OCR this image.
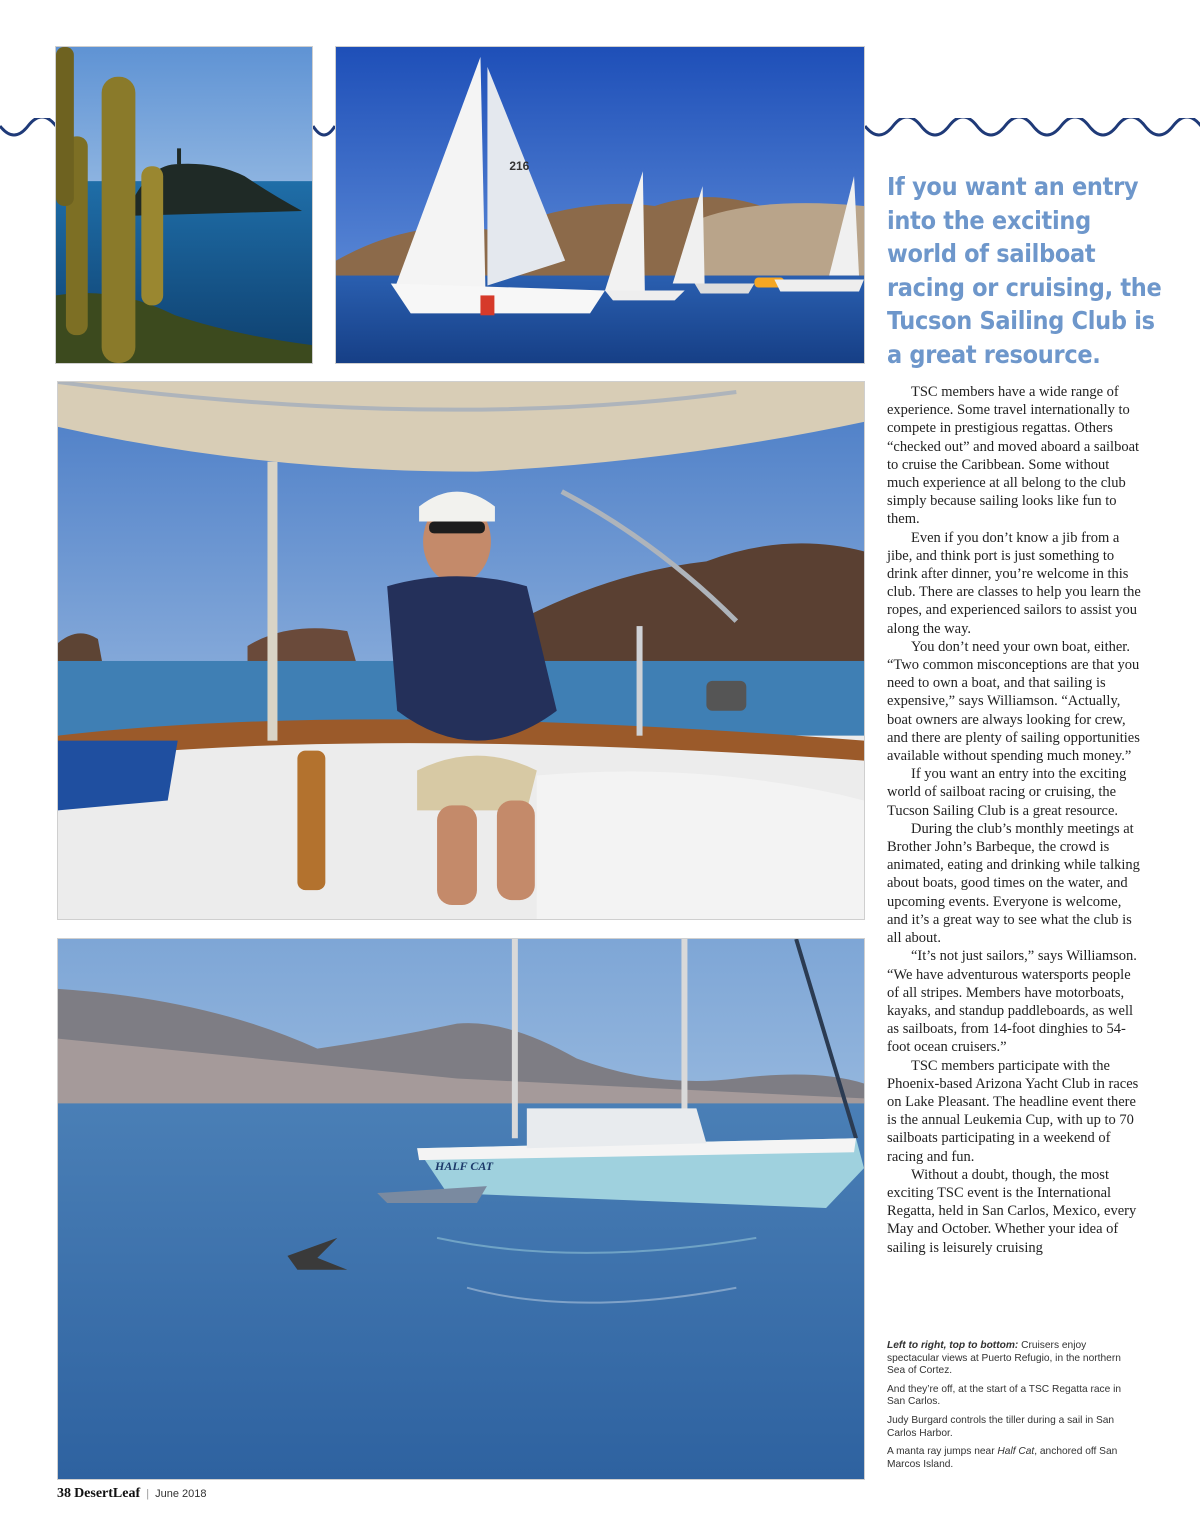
216
HALF CAT
If you want an entry into the exciting world of sailboat racing or cruising, the Tucson Sailing Club is a great resource.

TSC members have a wide range of experience. Some travel internationally to compete in prestigious regattas. Others “checked out” and moved aboard a sailboat to cruise the Caribbean. Some without much experience at all belong to the club simply because sailing looks like fun to them.

Even if you don’t know a jib from a jibe, and think port is just something to drink after dinner, you’re welcome in this club. There are classes to help you learn the ropes, and experienced sailors to assist you along the way.

You don’t need your own boat, either. “Two common misconceptions are that you need to own a boat, and that sailing is expensive,” says Williamson. “Actually, boat owners are always looking for crew, and there are plenty of sailing opportunities available without spending much money.”

If you want an entry into the exciting world of sailboat racing or cruising, the Tucson Sailing Club is a great resource.

During the club’s monthly meetings at Brother John’s Barbeque, the crowd is animated, eating and drinking while talking about boats, good times on the water, and upcoming events. Everyone is welcome, and it’s a great way to see what the club is all about.

“It’s not just sailors,” says Williamson. “We have adventurous watersports people of all stripes. Members have motorboats, kayaks, and standup paddleboards, as well as sailboats, from 14-foot dinghies to 54-foot ocean cruisers.”

TSC members participate with the Phoenix-based Arizona Yacht Club in races on Lake Pleasant. The headline event there is the annual Leukemia Cup, with up to 70 sailboats participating in a weekend of racing and fun.

Without a doubt, though, the most exciting TSC event is the International Regatta, held in San Carlos, Mexico, every May and October. Whether your idea of sailing is leisurely cruising

Left to right, top to bottom: Cruisers enjoy spectacular views at Puerto Refugio, in the northern Sea of Cortez.

And they’re off, at the start of a TSC Regatta race in San Carlos.

Judy Burgard controls the tiller during a sail in San Carlos Harbor.

A manta ray jumps near Half Cat, anchored off San Marcos Island.

38 DesertLeaf | June 2018
